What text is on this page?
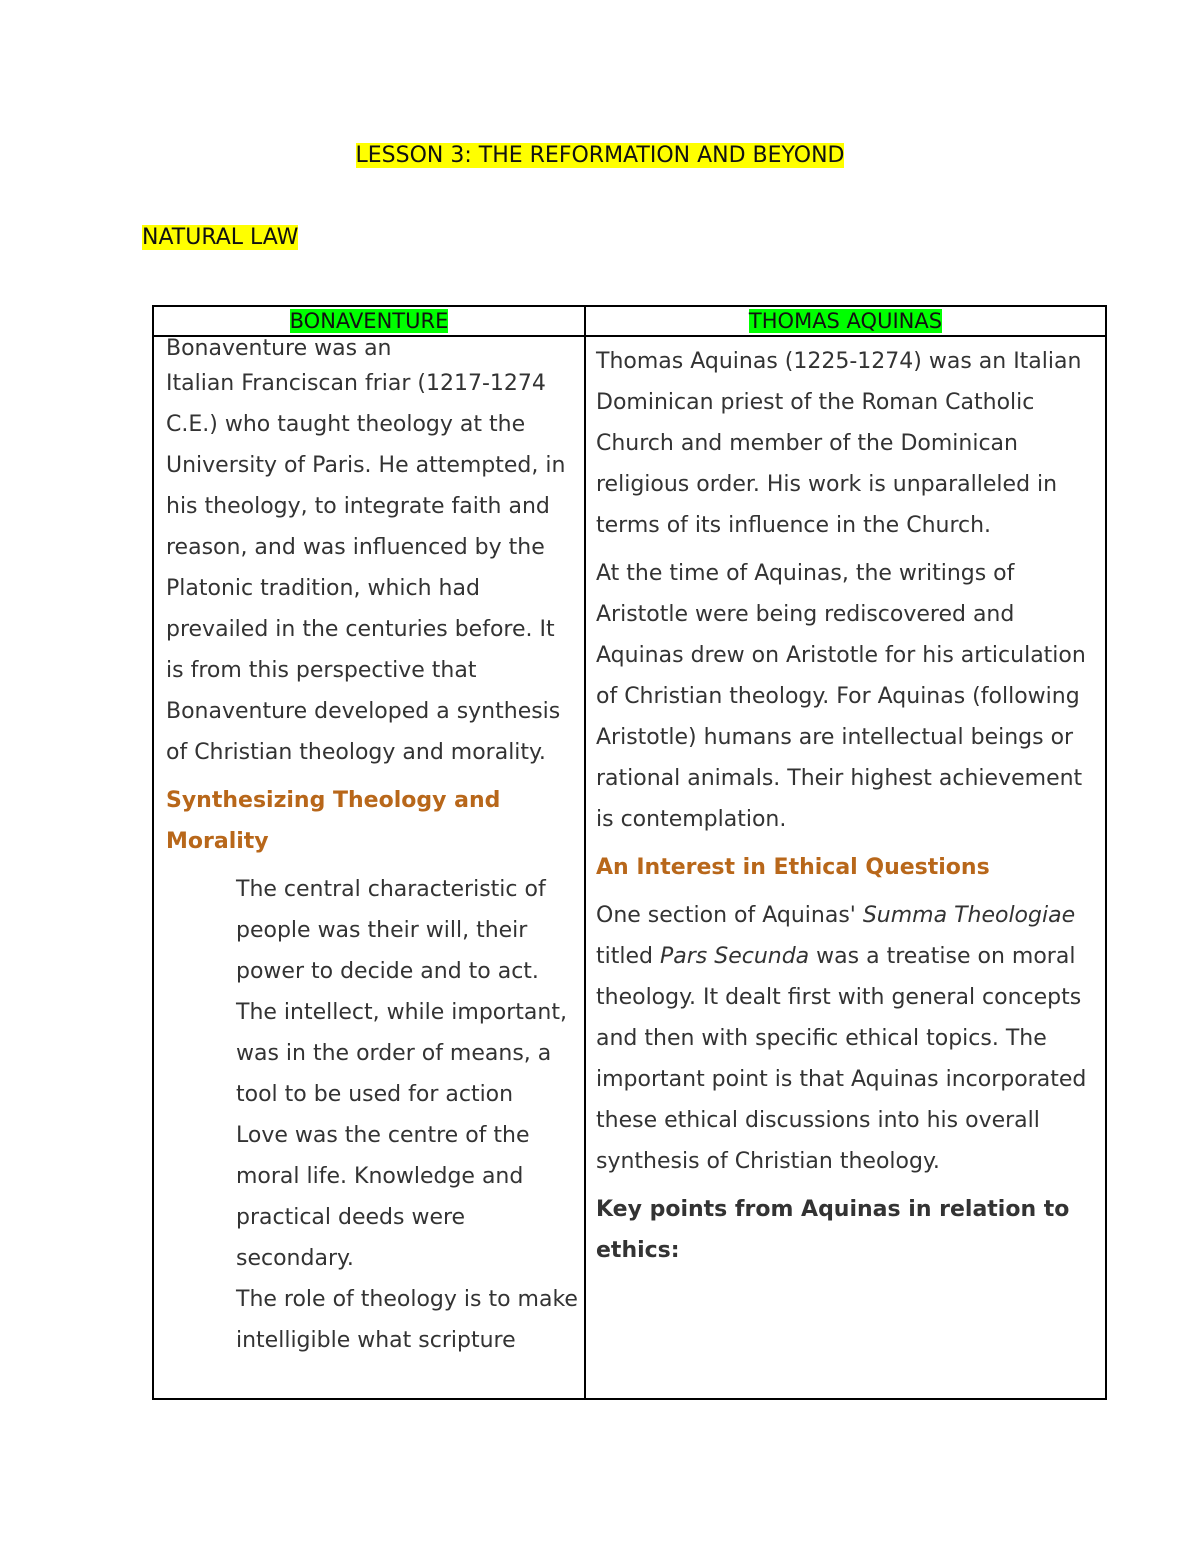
LESSON 3: THE REFORMATION AND BEYOND
NATURAL LAW
BONAVENTURE	THOMAS AQUINAS

Bonaventure was an

Italian Franciscan friar (1217-1274 C.E.) who taught theology at the University of Paris. He attempted, in his theology, to integrate faith and reason, and was influenced by the Platonic tradition, which had prevailed in the centuries before. It is from this perspective that Bonaventure developed a synthesis of Christian theology and morality.

Synthesizing Theology and Morality

The central characteristic of people was their will, their power to decide and to act.

The intellect, while important, was in the order of means, a tool to be used for action

Love was the centre of the moral life. Knowledge and practical deeds were secondary.

The role of theology is to make intelligible what scripture

Thomas Aquinas (1225-1274) was an Italian Dominican priest of the Roman Catholic Church and member of the Dominican religious order. His work is unparalleled in terms of its influence in the Church.

At the time of Aquinas, the writings of Aristotle were being rediscovered and Aquinas drew on Aristotle for his articulation of Christian theology. For Aquinas (following Aristotle) humans are intellectual beings or rational animals. Their highest achievement is contemplation.

An Interest in Ethical Questions

One section of Aquinas' Summa Theologiae titled Pars Secunda was a treatise on moral theology. It dealt first with general concepts and then with specific ethical topics. The important point is that Aquinas incorporated these ethical discussions into his overall synthesis of Christian theology.

Key points from Aquinas in relation to ethics:
